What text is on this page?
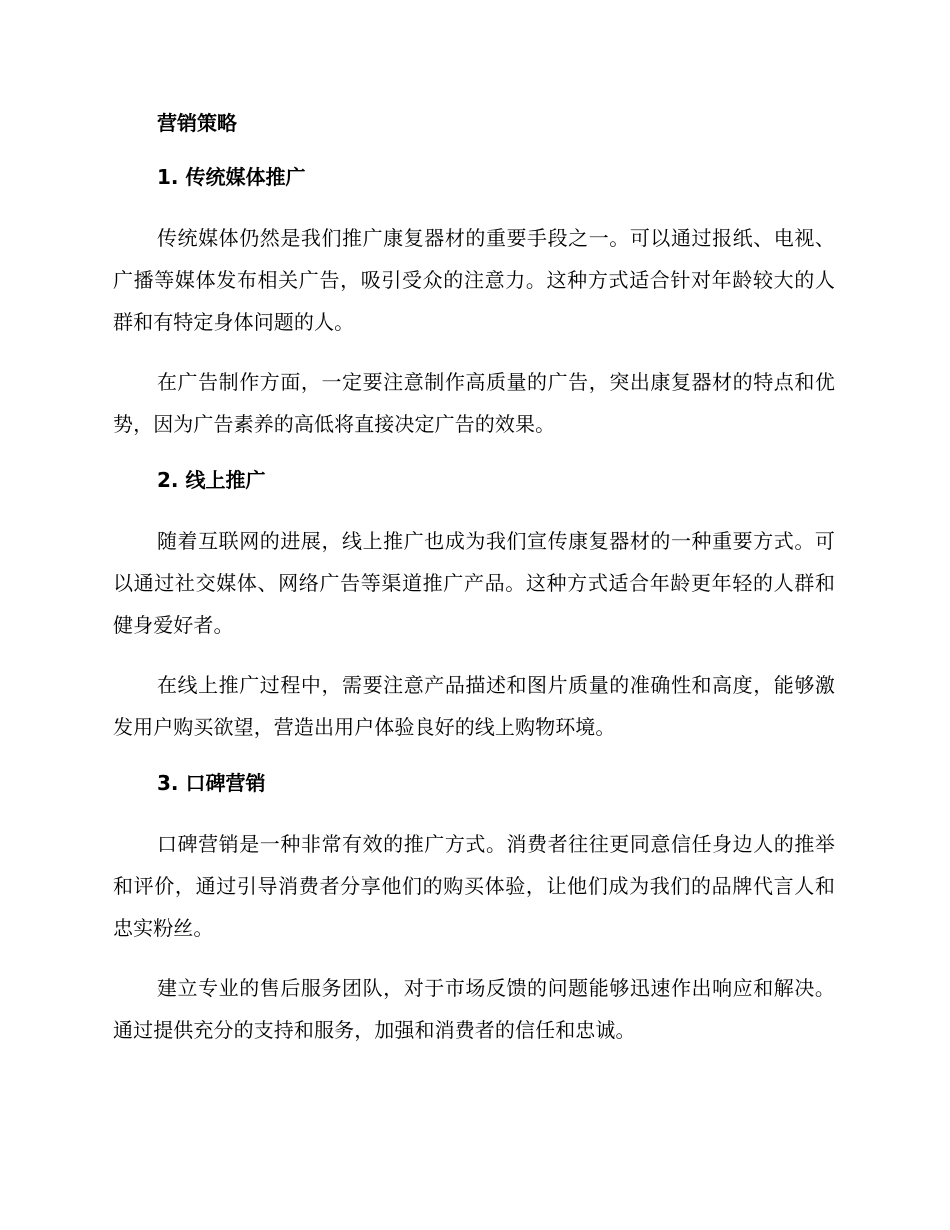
营销策略
1. 传统媒体推广

传统媒体仍然是我们推广康复器材的重要手段之一。可以通过报纸、电视、广播等媒体发布相关广告，吸引受众的注意力。这种方式适合针对年龄较大的人群和有特定身体问题的人。

在广告制作方面，一定要注意制作高质量的广告，突出康复器材的特点和优势，因为广告素养的高低将直接决定广告的效果。

2. 线上推广

随着互联网的进展，线上推广也成为我们宣传康复器材的一种重要方式。可以通过社交媒体、网络广告等渠道推广产品。这种方式适合年龄更年轻的人群和健身爱好者。

在线上推广过程中，需要注意产品描述和图片质量的准确性和高度，能够激发用户购买欲望，营造出用户体验良好的线上购物环境。

3. 口碑营销

口碑营销是一种非常有效的推广方式。消费者往往更同意信任身边人的推举和评价，通过引导消费者分享他们的购买体验，让他们成为我们的品牌代言人和忠实粉丝。

建立专业的售后服务团队，对于市场反馈的问题能够迅速作出响应和解决。通过提供充分的支持和服务，加强和消费者的信任和忠诚。
